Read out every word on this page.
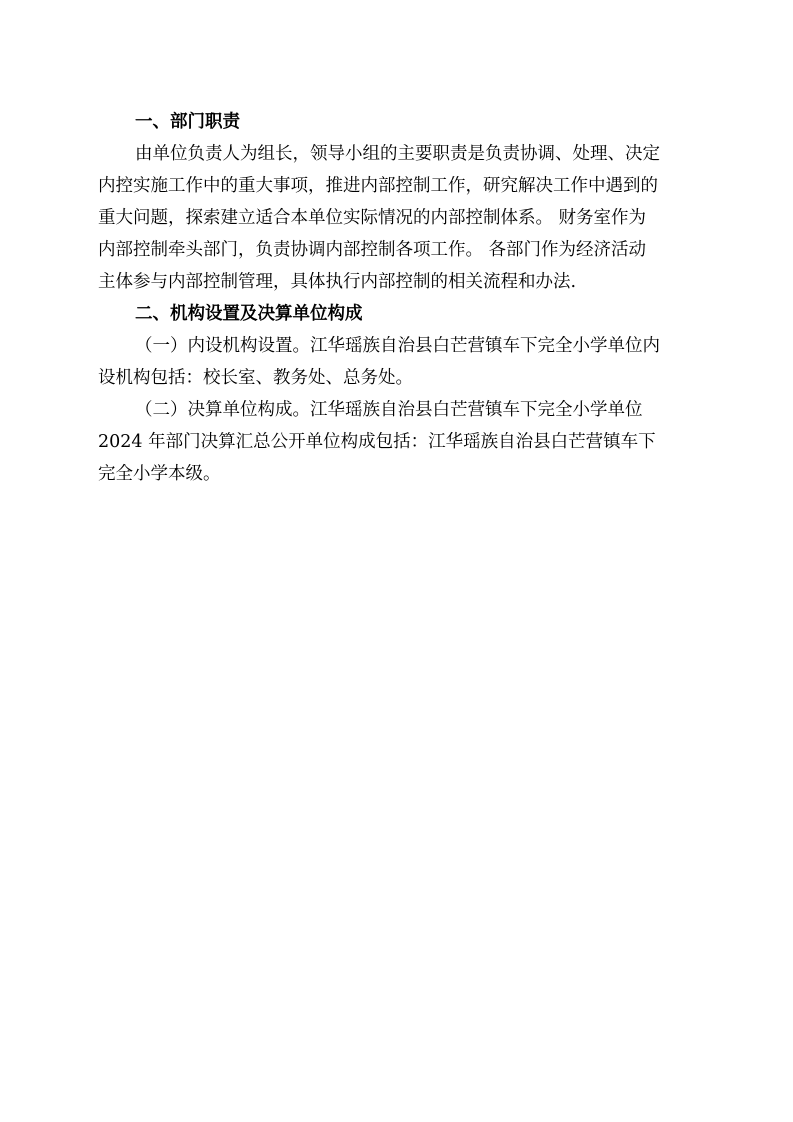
一、部门职责
由单位负责人为组长，领导小组的主要职责是负责协调、处理、决定
内控实施工作中的重大事项，推进内部控制工作，研究解决工作中遇到的
重大问题，探索建立适合本单位实际情况的内部控制体系。 财务室作为
内部控制牵头部门，负责协调内部控制各项工作。 各部门作为经济活动
主体参与内部控制管理，具体执行内部控制的相关流程和办法.
二、机构设置及决算单位构成
（一）内设机构设置。江华瑶族自治县白芒营镇车下完全小学单位内
设机构包括：校长室、教务处、总务处。
（二）决算单位构成。江华瑶族自治县白芒营镇车下完全小学单位
2024 年部门决算汇总公开单位构成包括：江华瑶族自治县白芒营镇车下
完全小学本级。
